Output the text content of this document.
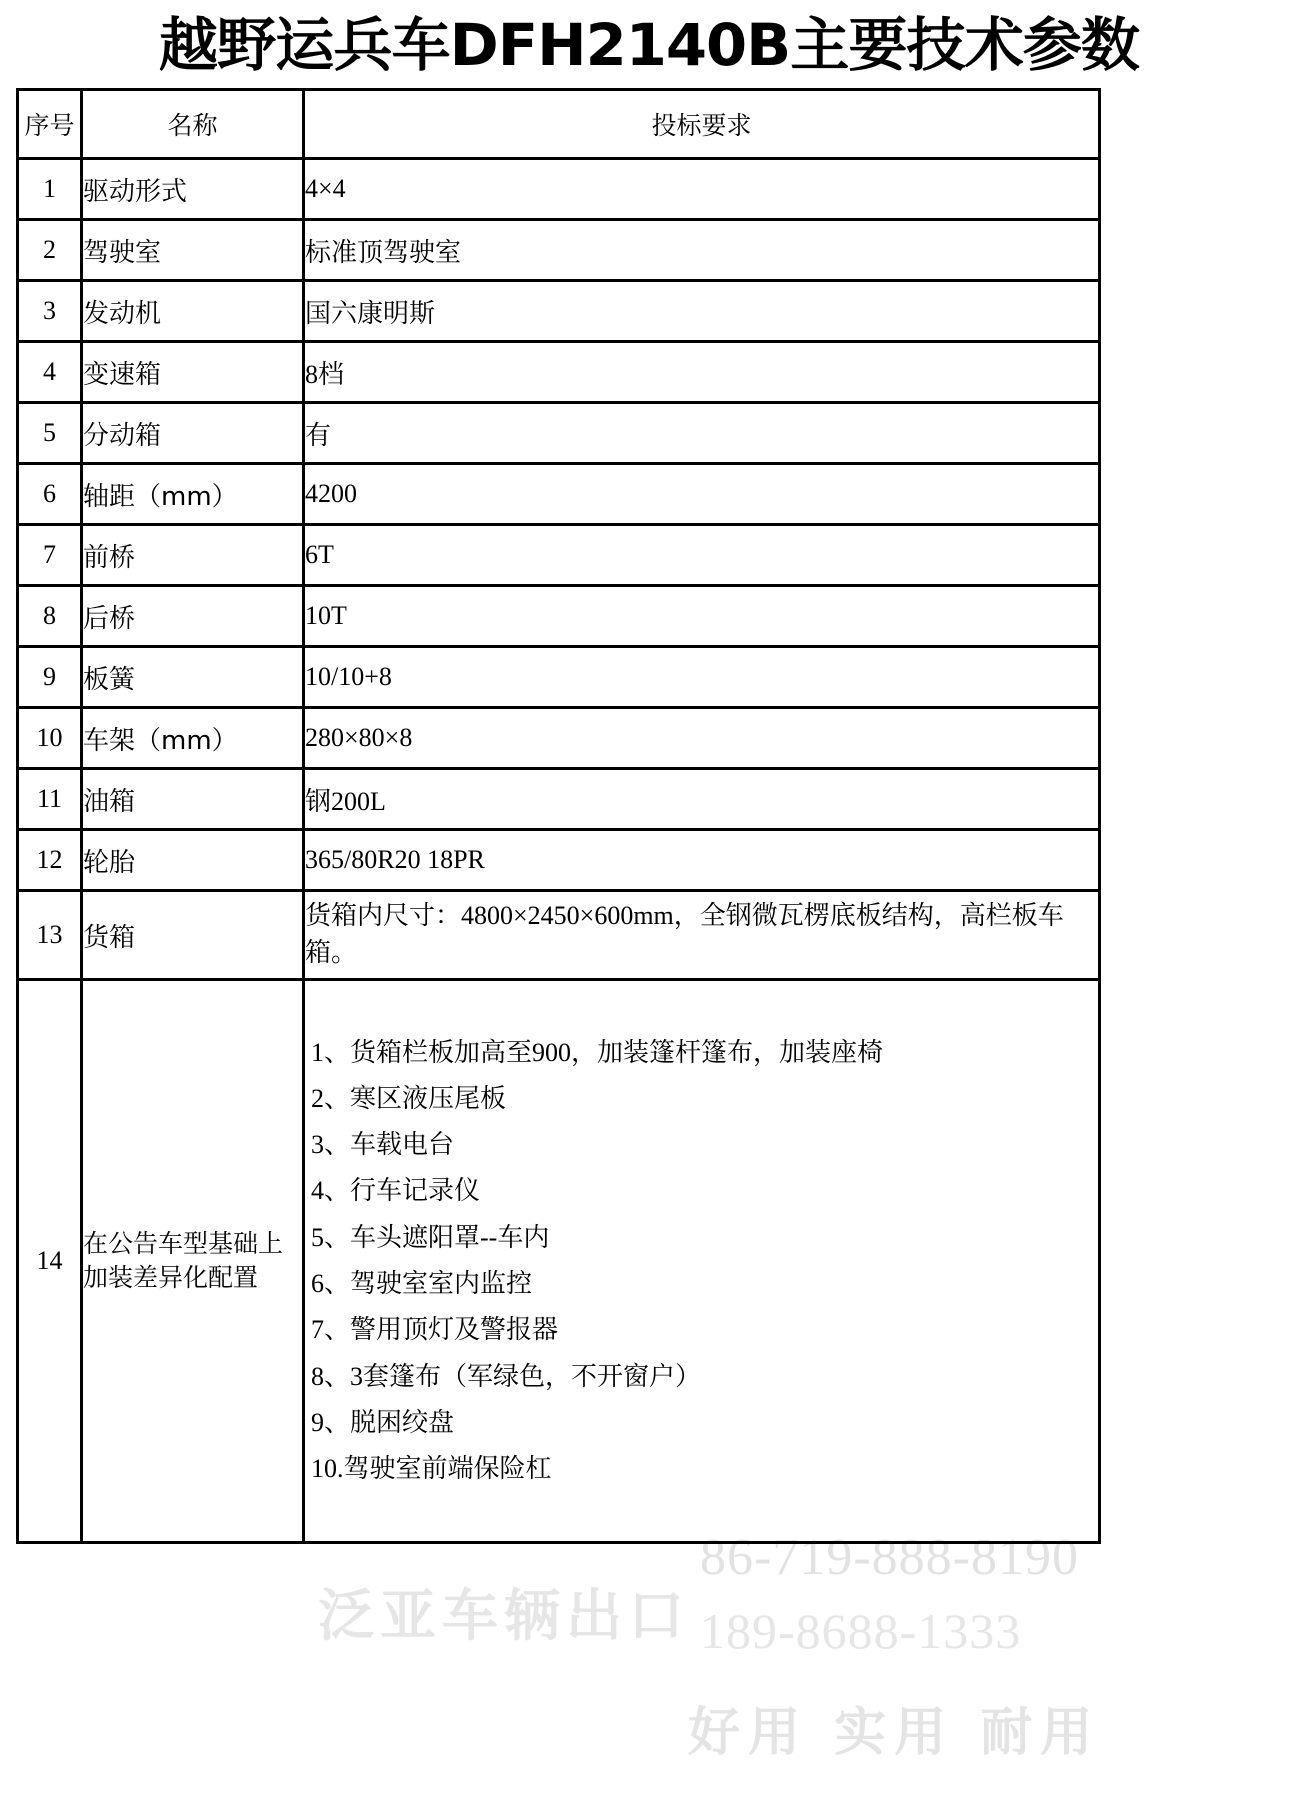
越野运兵车DFH2140B主要技术参数
序号	名称	投标要求
1	驱动形式	4×4
2	驾驶室	标准顶驾驶室
3	发动机	国六康明斯
4	变速箱	8档
5	分动箱	有
6	轴距（mm）	4200
7	前桥	6T
8	后桥	10T
9	板簧	10/10+8
10	车架（mm）	280×80×8
11	油箱	钢200L
12	轮胎	365/80R20 18PR
13	货箱	货箱内尺寸：4800×2450×600mm，全钢微瓦楞底板结构，高栏板车箱。
14	在公告车型基础上加装差异化配置	
1、货箱栏板加高至900，加装篷杆篷布，加装座椅
2、寒区液压尾板
3、车载电台
4、行车记录仪
5、车头遮阳罩--车内
6、驾驶室室内监控
7、警用顶灯及警报器
8、3套篷布（军绿色，不开窗户）
9、脱困绞盘
10.驾驶室前端保险杠
泛亚车辆出口
86-719-888-8190
189-8688-1333
好用 实用 耐用
